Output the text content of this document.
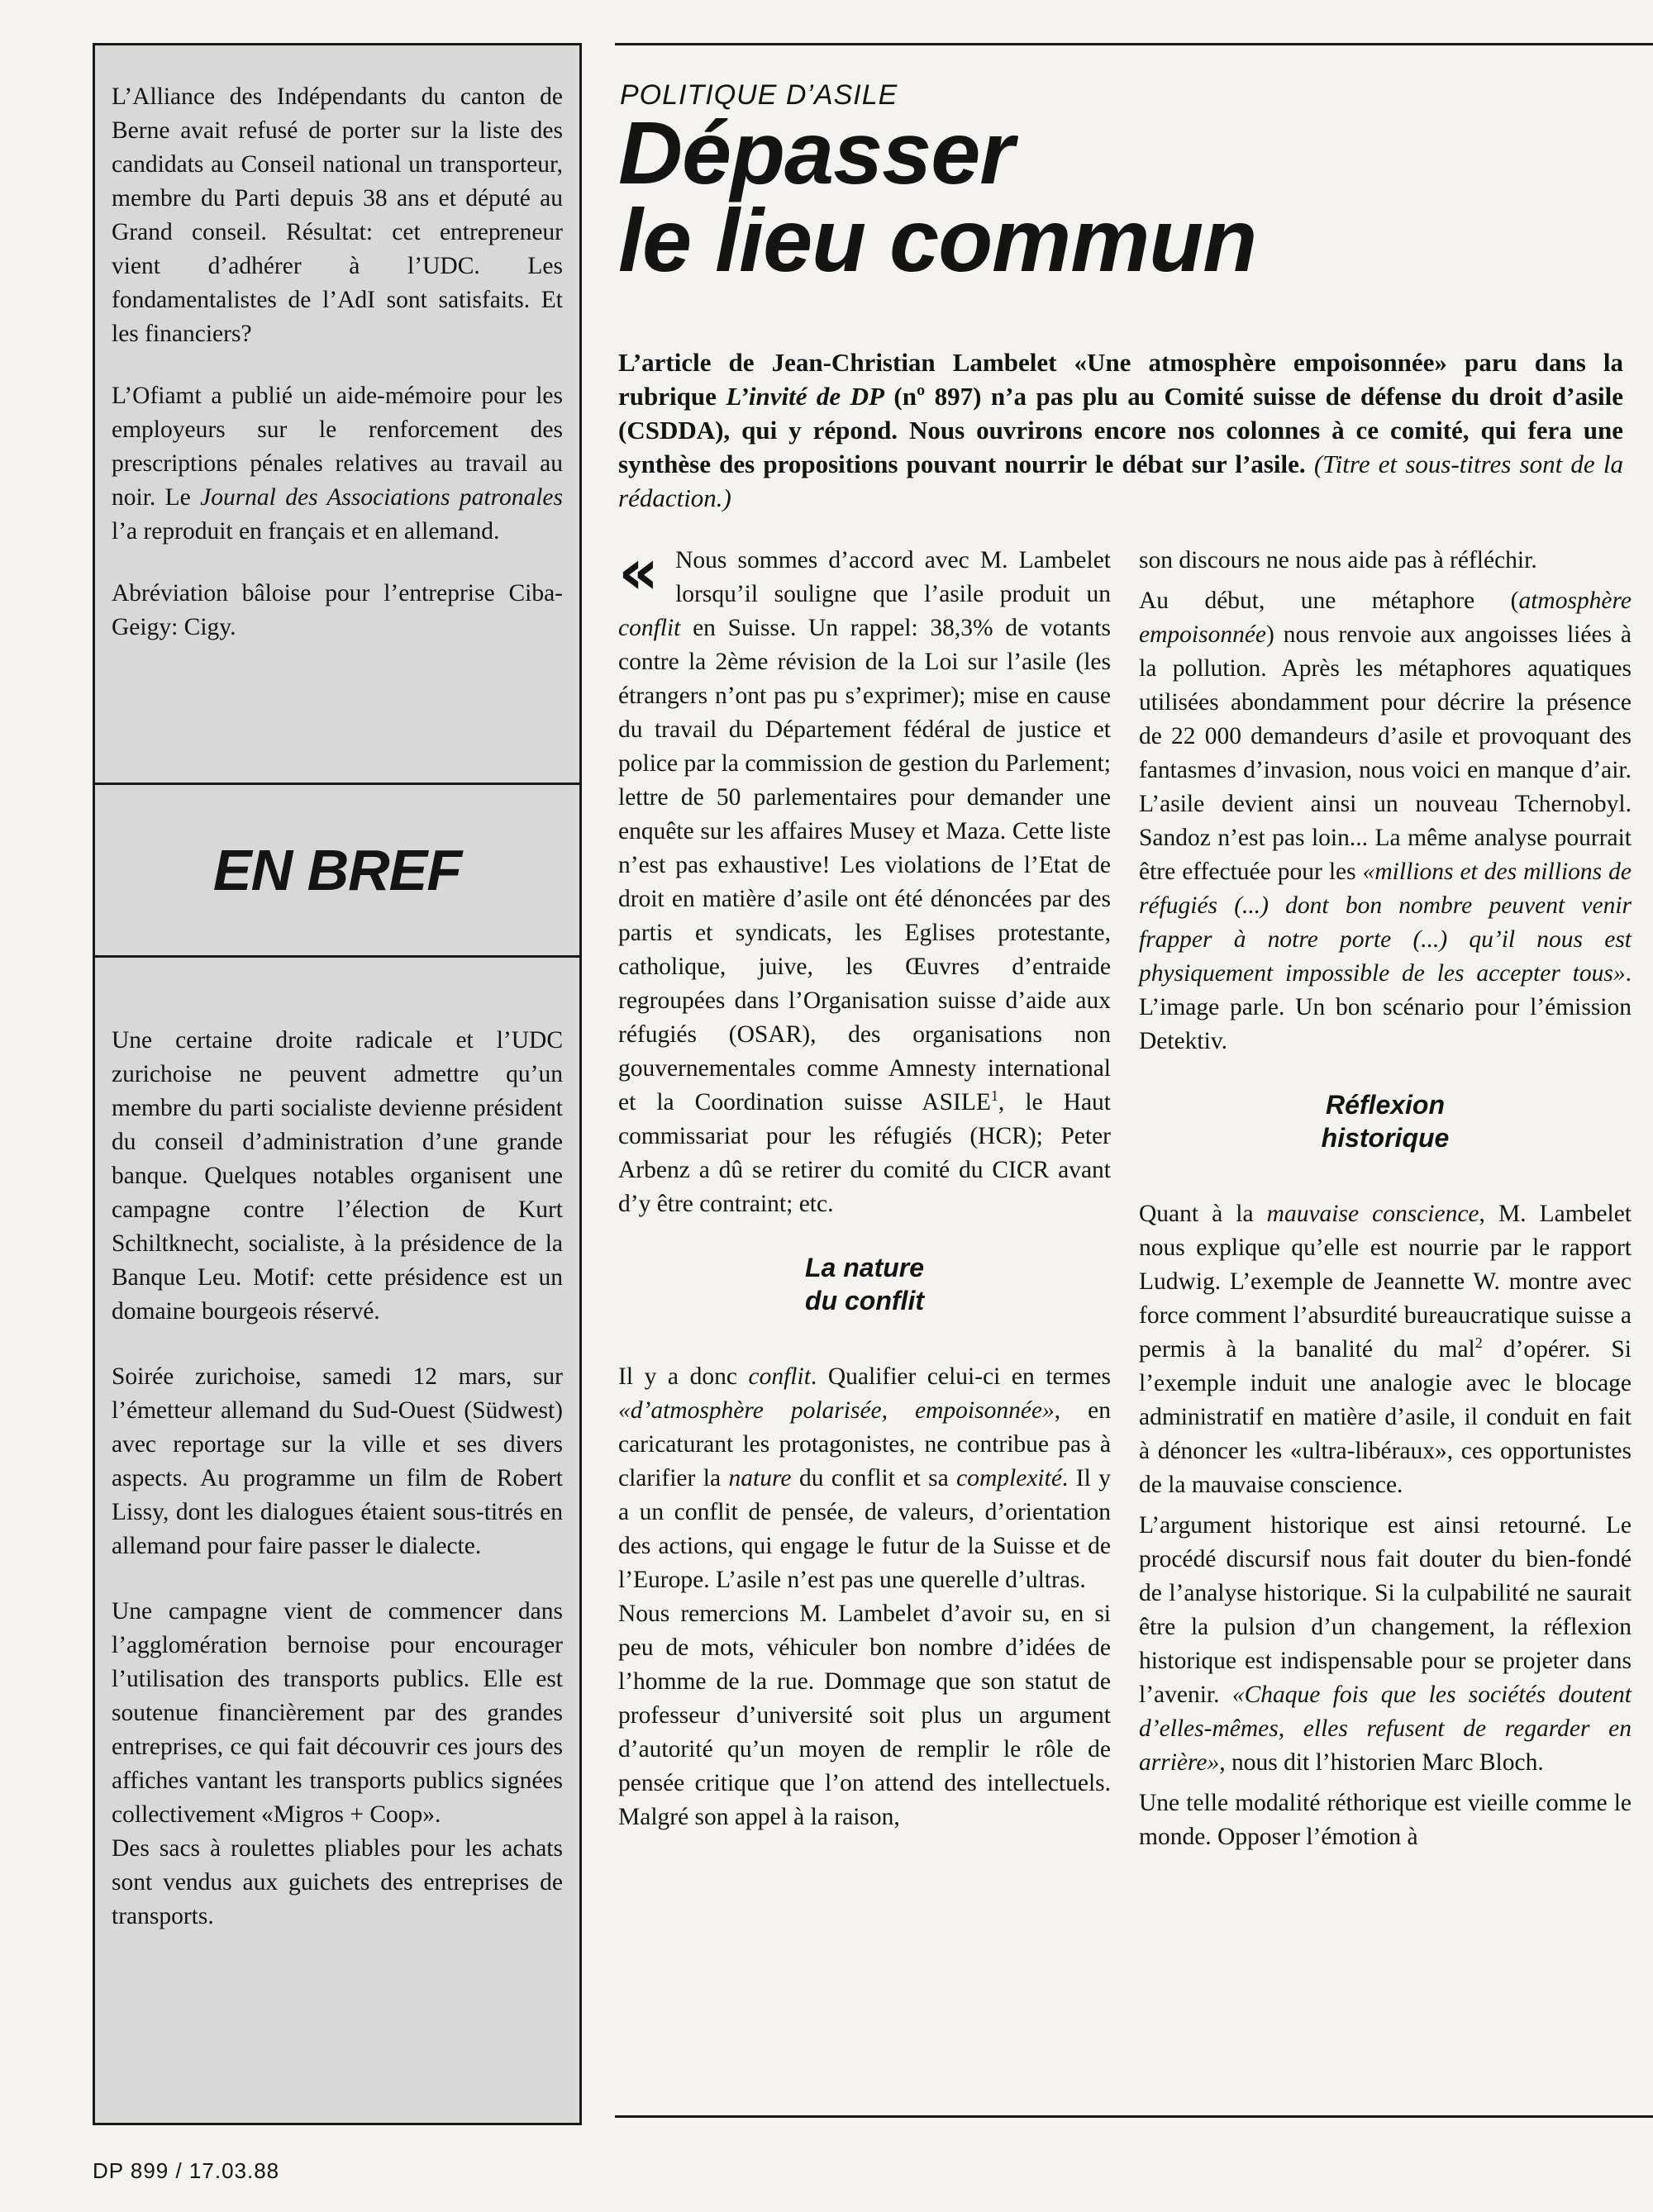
L’Alliance des Indépendants du canton de Berne avait refusé de porter sur la liste des candidats au Conseil national un transporteur, membre du Parti depuis 38 ans et député au Grand conseil. Résultat: cet entrepreneur vient d’adhérer à l’UDC. Les fondamentalistes de l’AdI sont satisfaits. Et les financiers?

L’Ofiamt a publié un aide-mémoire pour les employeurs sur le renforcement des prescriptions pénales relatives au travail au noir. Le Journal des Associations patronales l’a reproduit en français et en allemand.

Abréviation bâloise pour l’entreprise Ciba-Geigy: Cigy.

EN BREF

Une certaine droite radicale et l’UDC zurichoise ne peuvent admettre qu’un membre du parti socialiste devienne président du conseil d’administration d’une grande banque. Quelques notables organisent une campagne contre l’élection de Kurt Schiltknecht, socialiste, à la présidence de la Banque Leu. Motif: cette présidence est un domaine bourgeois réservé.

Soirée zurichoise, samedi 12 mars, sur l’émetteur allemand du Sud-Ouest (Südwest) avec reportage sur la ville et ses divers aspects. Au programme un film de Robert Lissy, dont les dialogues étaient sous-titrés en allemand pour faire passer le dialecte.

Une campagne vient de commencer dans l’agglomération bernoise pour encourager l’utilisation des transports publics. Elle est soutenue financièrement par des grandes entreprises, ce qui fait découvrir ces jours des affiches vantant les transports publics signées collectivement «Migros + Coop».

Des sacs à roulettes pliables pour les achats sont vendus aux guichets des entreprises de transports.

POLITIQUE D’ASILE
Dépasser
le lieu commun

L’article de Jean-Christian Lambelet «Une atmosphère empoisonnée» paru dans la rubrique L’invité de DP (nº 897) n’a pas plu au Comité suisse de défense du droit d’asile (CSDDA), qui y répond. Nous ouvrirons encore nos colonnes à ce comité, qui fera une synthèse des propositions pouvant nourrir le débat sur l’asile. (Titre et sous-titres sont de la rédaction.)

« Nous sommes d’accord avec M. Lambelet lorsqu’il souligne que l’asile produit un conflit en Suisse. Un rappel: 38,3% de votants contre la 2ème révision de la Loi sur l’asile (les étrangers n’ont pas pu s’exprimer); mise en cause du travail du Département fédéral de justice et police par la commission de gestion du Parlement; lettre de 50 parlementaires pour demander une enquête sur les affaires Musey et Maza. Cette liste n’est pas exhaustive! Les violations de l’Etat de droit en matière d’asile ont été dénoncées par des partis et syndicats, les Eglises protestante, catholique, juive, les Œuvres d’entraide regroupées dans l’Organisation suisse d’aide aux réfugiés (OSAR), des organisations non gouvernementales comme Amnesty international et la Coordination suisse ASILE$^1$, le Haut commissariat pour les réfugiés (HCR); Peter Arbenz a dû se retirer du comité du CICR avant d’y être contraint; etc.

La nature
du conflit

Il y a donc conflit. Qualifier celui-ci en termes «d’atmosphère polarisée, empoisonnée», en caricaturant les protagonistes, ne contribue pas à clarifier la nature du conflit et sa complexité. Il y a un conflit de pensée, de valeurs, d’orientation des actions, qui engage le futur de la Suisse et de l’Europe. L’asile n’est pas une querelle d’ultras.

Nous remercions M. Lambelet d’avoir su, en si peu de mots, véhiculer bon nombre d’idées de l’homme de la rue. Dommage que son statut de professeur d’université soit plus un argument d’autorité qu’un moyen de remplir le rôle de pensée critique que l’on attend des intellectuels. Malgré son appel à la raison,

son discours ne nous aide pas à réfléchir.

Au début, une métaphore (atmosphère empoisonnée) nous renvoie aux angoisses liées à la pollution. Après les métaphores aquatiques utilisées abondamment pour décrire la présence de 22 000 demandeurs d’asile et provoquant des fantasmes d’invasion, nous voici en manque d’air. L’asile devient ainsi un nouveau Tchernobyl. Sandoz n’est pas loin... La même analyse pourrait être effectuée pour les «millions et des millions de réfugiés (...) dont bon nombre peuvent venir frapper à notre porte (...) qu’il nous est physiquement impossible de les accepter tous». L’image parle. Un bon scénario pour l’émission Detektiv.

Réflexion
historique

Quant à la mauvaise conscience, M. Lambelet nous explique qu’elle est nourrie par le rapport Ludwig. L’exemple de Jeannette W. montre avec force comment l’absurdité bureaucratique suisse a permis à la banalité du mal$^2$ d’opérer. Si l’exemple induit une analogie avec le blocage administratif en matière d’asile, il conduit en fait à dénoncer les «ultra-libéraux», ces opportunistes de la mauvaise conscience.

L’argument historique est ainsi retourné. Le procédé discursif nous fait douter du bien-fondé de l’analyse historique. Si la culpabilité ne saurait être la pulsion d’un changement, la réflexion historique est indispensable pour se projeter dans l’avenir. «Chaque fois que les sociétés doutent d’elles-mêmes, elles refusent de regarder en arrière», nous dit l’historien Marc Bloch.

Une telle modalité réthorique est vieille comme le monde. Opposer l’émotion à

DP 899 / 17.03.88
